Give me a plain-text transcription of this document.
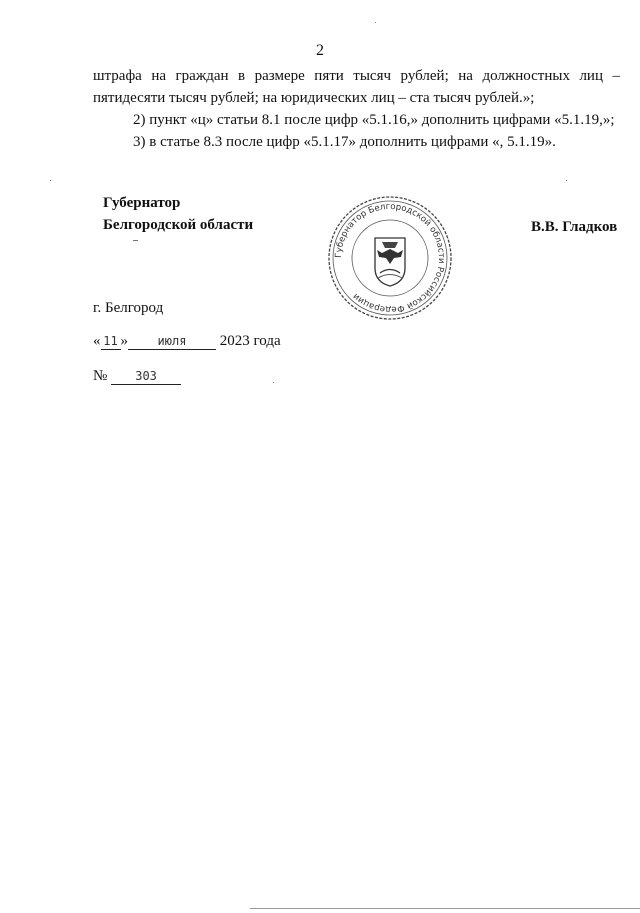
2

штрафа на граждан в размере пяти тысяч рублей; на должностных лиц – пятидесяти тысяч рублей; на юридических лиц – ста тысяч рублей.»;

2) пункт «ц» статьи 8.1 после цифр «5.1.16,» дополнить цифрами «5.1.19,»;

3) в статье 8.3 после цифр «5.1.17» дополнить цифрами «, 5.1.19».

Губернатор
Белгородской области
Губернатор Белгородской области Российской Федерации
В.В. Гладков
г. Белгород
« 11 » июля 2023 года
№ 303
